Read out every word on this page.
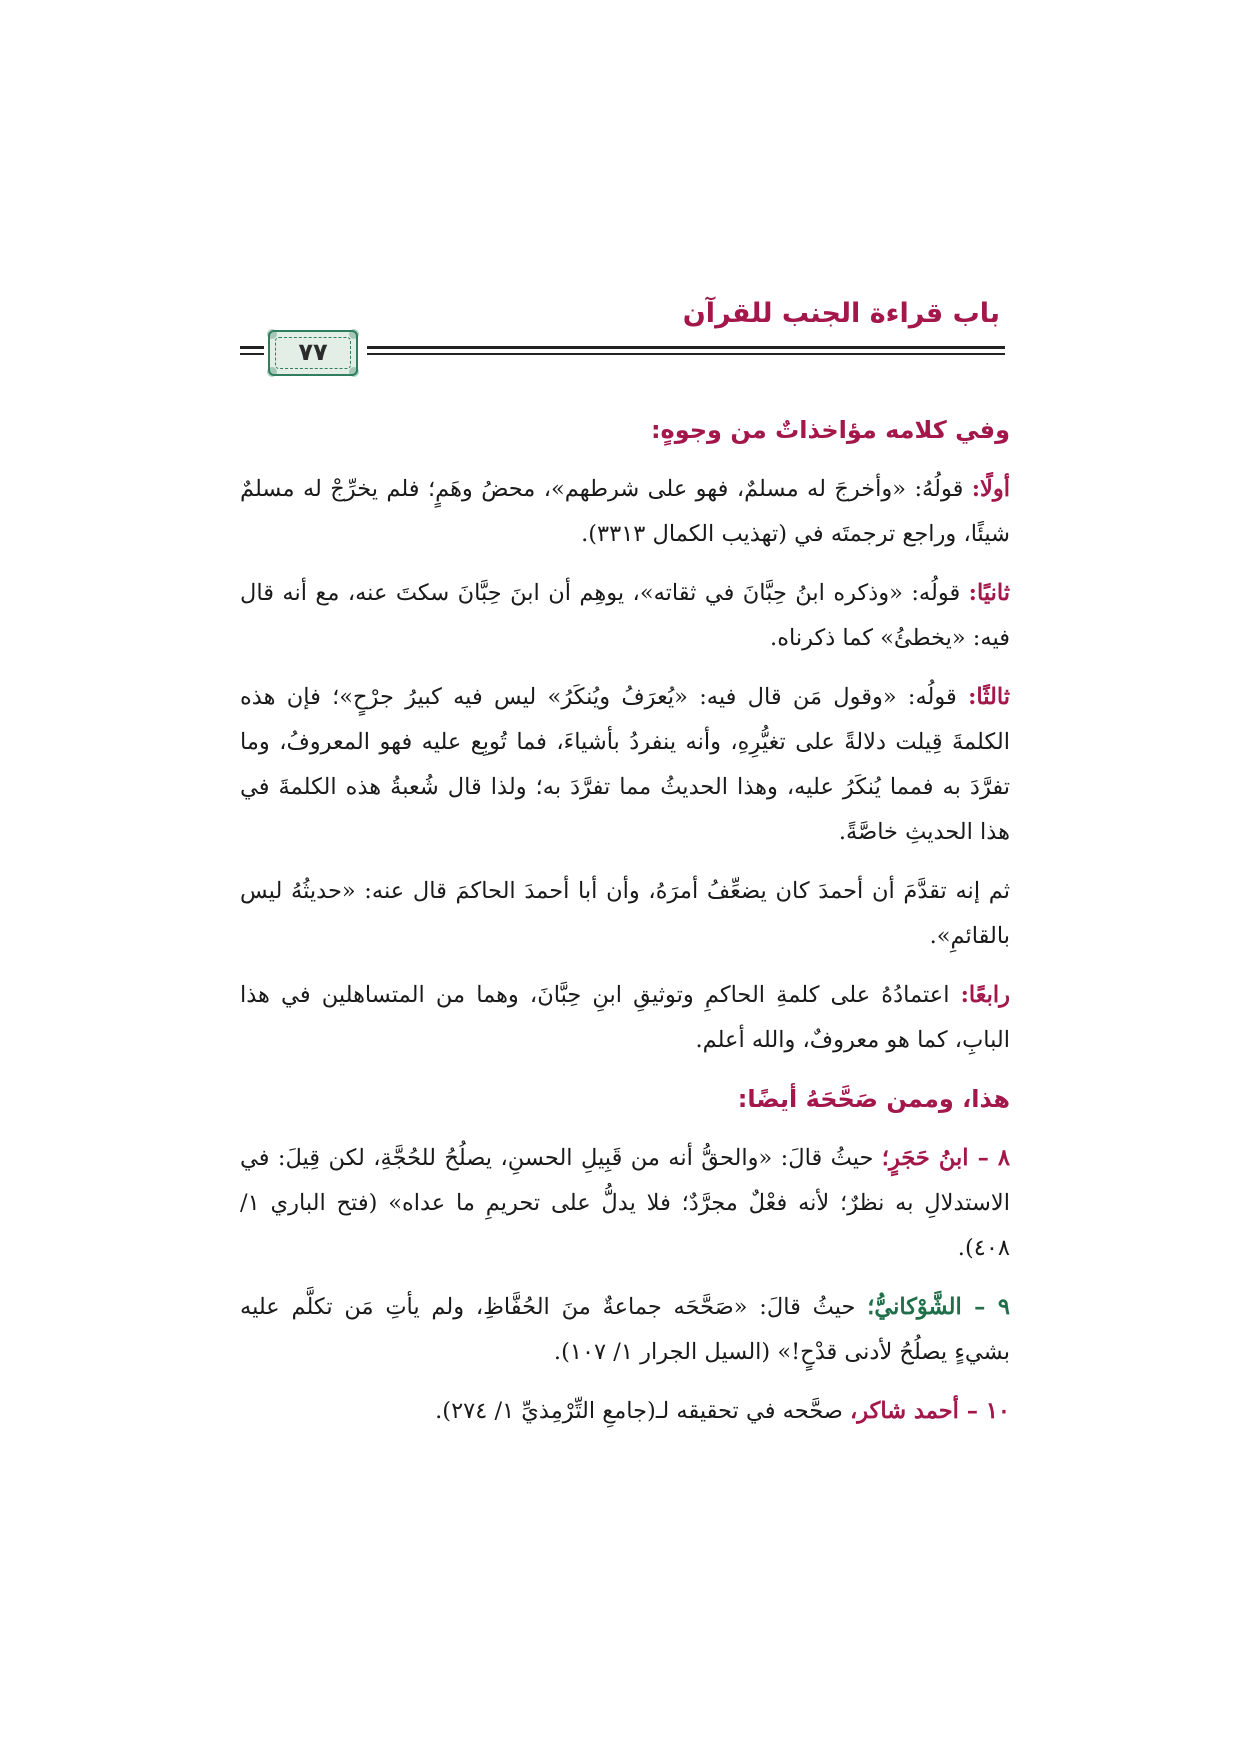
باب قراءة الجنب للقرآن
٧٧

وفي كلامه مؤاخذاتٌ من وجوهٍ:

أولًا: قولُهُ: «وأخرجَ له مسلمٌ، فهو على شرطهم»، محضُ وهَمٍ؛ فلم يخرِّجْ له مسلمٌ شيئًا، وراجع ترجمتَه في (تهذيب الكمال ٣٣١٣).

ثانيًا: قولُه: «وذكره ابنُ حِبَّانَ في ثقاته»، يوهِم أن ابنَ حِبَّانَ سكتَ عنه، مع أنه قال فيه: «يخطئُ» كما ذكرناه.

ثالثًا: قولُه: «وقول مَن قال فيه: «يُعرَفُ ويُنكَرُ» ليس فيه كبيرُ جرْحٍ»؛ فإن هذه الكلمةَ قِيلت دلالةً على تغيُّرِهِ، وأنه ينفردُ بأشياءَ، فما تُوبِع عليه فهو المعروفُ، وما تفرَّدَ به فمما يُنكَرُ عليه، وهذا الحديثُ مما تفرَّدَ به؛ ولذا قال شُعبةُ هذه الكلمةَ في هذا الحديثِ خاصَّةً.

ثم إنه تقدَّمَ أن أحمدَ كان يضعِّفُ أمرَهُ، وأن أبا أحمدَ الحاكمَ قال عنه: «حديثُهُ ليس بالقائمِ».

رابعًا: اعتمادُهُ على كلمةِ الحاكمِ وتوثيقِ ابنِ حِبَّانَ، وهما من المتساهلين في هذا البابِ، كما هو معروفٌ، والله أعلم.

هذا، وممن صَحَّحَهُ أيضًا:

٨ – ابنُ حَجَرٍ؛ حيثُ قالَ: «والحقُّ أنه من قَبِيلِ الحسنِ، يصلُحُ للحُجَّةِ، لكن قِيلَ: في الاستدلالِ به نظرٌ؛ لأنه فعْلٌ مجرَّدٌ؛ فلا يدلُّ على تحريمِ ما عداه» (فتح الباري ١/ ٤٠٨).

٩ – الشَّوْكانيُّ؛ حيثُ قالَ: «صَحَّحَه جماعةٌ منَ الحُفَّاظِ، ولم يأتِ مَن تكلَّم عليه بشيءٍ يصلُحُ لأدنى قدْحٍ!» (السيل الجرار ١/ ١٠٧).

١٠ – أحمد شاكر، صحَّحه في تحقيقه لـ(جامعِ التِّرْمِذيِّ ١/ ٢٧٤).
